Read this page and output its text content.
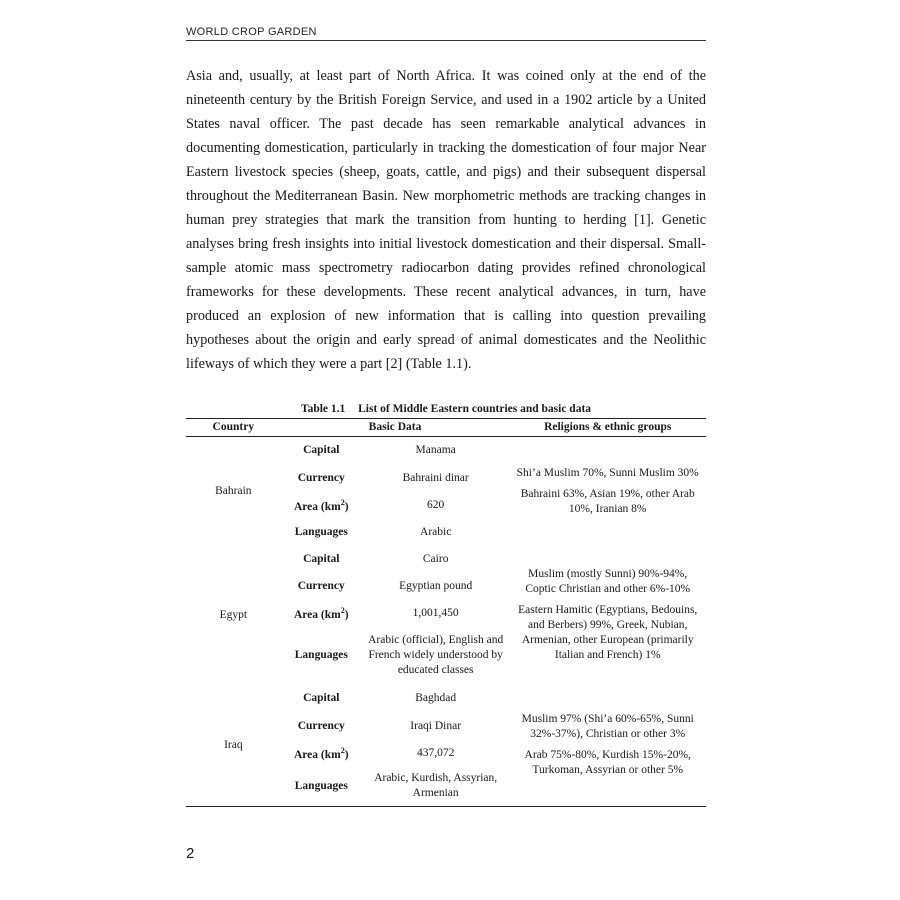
WORLD CROP GARDEN
Asia and, usually, at least part of North Africa. It was coined only at the end of the nineteenth century by the British Foreign Service, and used in a 1902 article by a United States naval officer. The past decade has seen remarkable analytical advances in documenting domestication, particularly in tracking the domestication of four major Near Eastern livestock species (sheep, goats, cattle, and pigs) and their subsequent dispersal throughout the Mediterranean Basin. New morphometric methods are tracking changes in human prey strategies that mark the transition from hunting to herding [1]. Genetic analyses bring fresh insights into initial livestock domestication and their dispersal. Small-sample atomic mass spectrometry radiocarbon dating provides refined chronological frameworks for these developments. These recent analytical advances, in turn, have produced an explosion of new information that is calling into question prevailing hypotheses about the origin and early spread of animal domesticates and the Neolithic lifeways of which they were a part [2] (Table 1.1).
Table 1.1 List of Middle Eastern countries and basic data
Country	Basic Data		Religions & ethnic groups
Bahrain	Capital	Manama	Shi’a Muslim 70%, Sunni Muslim 30%
Bahraini 63%, Asian 19%, other Arab 10%, Iranian 8%

	Currency	Bahraini dinar	
	Area $(km^2)$	620	
	Languages	Arabic	
Egypt	Capital	Cairo	Muslim (mostly Sunni) 90%-94%, Coptic Christian and other 6%-10%
Eastern Hamitic (Egyptians, Bedouins, and Berbers) 99%, Greek, Nubian, Armenian, other European (primarily Italian and French) 1%

	Currency	Egyptian pound	
	Area $(km^2)$	1,001,450	
	Languages	Arabic (official), English and French widely understood by educated classes	
Iraq	Capital	Baghdad	Muslim 97% (Shi’a 60%-65%, Sunni 32%-37%), Christian or other 3%
Arab 75%-80%, Kurdish 15%-20%, Turkoman, Assyrian or other 5%

	Currency	Iraqi Dinar	
	Area $(km^2)$	437,072	
	Languages	Arabic, Kurdish, Assyrian, Armenian	
2
